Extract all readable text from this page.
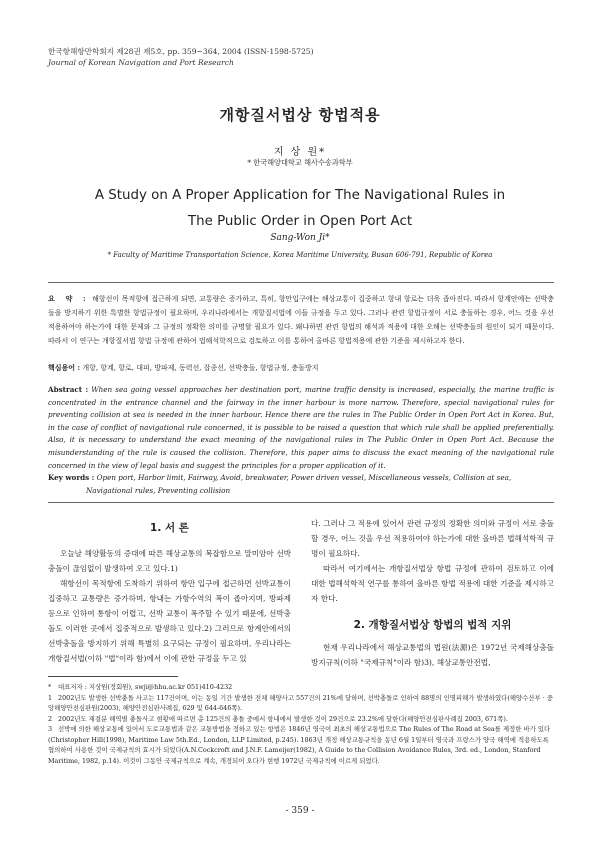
한국항해항만학회지 제28권 제5호, pp. 359~364, 2004 (ISSN-1598-5725)
Journal of Korean Navigation and Port Research
개항질서법상 항법적용
지 상 원*
* 한국해양대학교 해사수송과학부
A Study on A Proper Application for The Navigational Rules in
The Public Order in Open Port Act
Sang-Won Ji*
* Faculty of Maritime Transportation Science, Korea Maritime University, Busan 606-791, Republic of Korea
요 약 : 해항선이 목적항에 접근하게 되면, 교통량은 증가하고, 특히, 항만입구에는 해상교통이 집중하고 항내 항로는 더욱 좁아진다. 따라서 항계안에는 선박충돌을 방지하기 위한 특별한 항법규정이 필요하며, 우리나라에서는 개항질서법에 이들 규정을 두고 있다. 그러나 관련 항법규정이 서로 충돌하는 경우, 어느 것을 우선 적용하여야 하는가에 대한 문제와 그 규정의 정확한 의미를 규명할 필요가 있다. 왜냐하면 관련 항법의 해석과 적용에 대한 오해는 선박충돌의 원인이 되기 때문이다. 따라서 이 연구는 개항질서법 항법 규정에 관하여 법해석학적으로 검토하고 이를 통하여 올바른 항법적용에 관한 기준을 제시하고자 한다.
핵심용어 : 개항, 항계, 항로, 대피, 방파제, 동력선, 잡종선, 선박충돌, 항법규정, 충돌방지
Abstract : When sea going vessel approaches her destination port, marine traffic density is increased, especially, the marine traffic is concentrated in the entrance channel and the fairway in the inner harbour is more narrow. Therefore, special navigational rules for preventing collision at sea is needed in the inner harbour. Hence there are the rules in The Public Order in Open Port Act in Korea. But, in the case of conflict of navigational rule concerned, it is possible to be raised a question that which rule shall be applied preferentially. Also, it is necessary to understand the exact meaning of the navigational rules in The Public Order in Open Port Act. Because the misunderstanding of the rule is caused the collision. Therefore, this paper aims to discuss the exact meaning of the navigational rule concerned in the view of legal basis and suggest the principles for a proper application of it.
Key words : Open port, Harbor limit, Fairway, Avoid, breakwater, Power driven vessel, Miscellaneous vessels, Collision at sea,
Navigational rules, Preventing collision
1. 서 론

오늘날 해양활동의 증대에 따른 해상교통의 복잡함으로 말미암아 선박충돌이 끊임없이 발생하여 오고 있다.1)

해항선이 목적항에 도착하기 위하여 항만 입구에 접근하면 선박교통이 집중하고 교통량은 증가하며, 항내는 가항수역의 폭이 좁아지며, 방파제 등으로 인하여 통항이 어렵고, 선박 교통이 폭주할 수 있기 때문에, 선박충돌도 이러한 곳에서 집중적으로 발생하고 있다.2) 그러므로 항계안에서의 선박충돌을 방지하기 위해 특별히 요구되는 규정이 필요하며, 우리나라는 개항질서법(이하 "법"이라 함)에서 이에 관한 규정을 두고 있

다. 그러나 그 적용에 있어서 관련 규정의 정확한 의미와 규정이 서로 충돌할 경우, 어느 것을 우선 적용하여야 하는가에 대한 올바른 법해석학적 규명이 필요하다.

따라서 여기에서는 개항질서법상 항법 규정에 관하여 검토하고 이에 대한 법해석학적 연구를 통하여 올바른 항법 적용에 대한 기준을 제시하고자 한다.

2. 개항질서법상 항법의 법적 지위

현재 우리나라에서 해상교통법의 법원(法源)은 1972년 국제해상충돌방지규칙(이하 "국제규칙"이라 함)3), 해상교통안전법,

* 대표저자 : 지상원(정회원), swji@hhu.ac.kr 051)410-4232
1 2002년도 발생한 선박충돌 사고는 117건이며, 이는 동일 기간 발생한 전체 해양사고 557건의 21%에 달하며, 선박충돌로 인하여 88명의 인명피해가 발생하였다(해양수산부 · 중앙해양안전심판원(2003), 해양안전심판사례집, 629 및 644-646쪽).
2 2002년도 재결분 해역별 충돌사고 현황에 따르면 총 125건의 충돌 중에서 항내에서 발생한 것이 29건으로 23.2%에 달한다(해양안전심판사례집 2003, 671쪽).
3 선박에 의한 해상교통에 있어서 도로교통법과 같은 교통방법을 정하고 있는 항법은 1846년 영국이 최초의 해상교통법으로 The Rules of The Road at Sea를 제정한 바가 있다(Christopher Hill(1998), Maritime Law 5th.Ed., London, LLP Limited, p.245). 1863년 개정 해상교통규칙을 동년 6월 1일부터 영국과 프랑스가 양국 해역에 적용하도록 협의하여 사용한 것이 국제규칙의 효시가 되었다(A.N.Cockcroft and J.N.F. Lameijer(1982), A Guide to the Collision Avoidance Rules, 3rd. ed., London, Stanford Maritime, 1982, p.14). 이것이 그동안 국제규칙으로 계속, 개정되어 오다가 현행 1972년 국제규칙에 이르게 되었다.
- 359 -
